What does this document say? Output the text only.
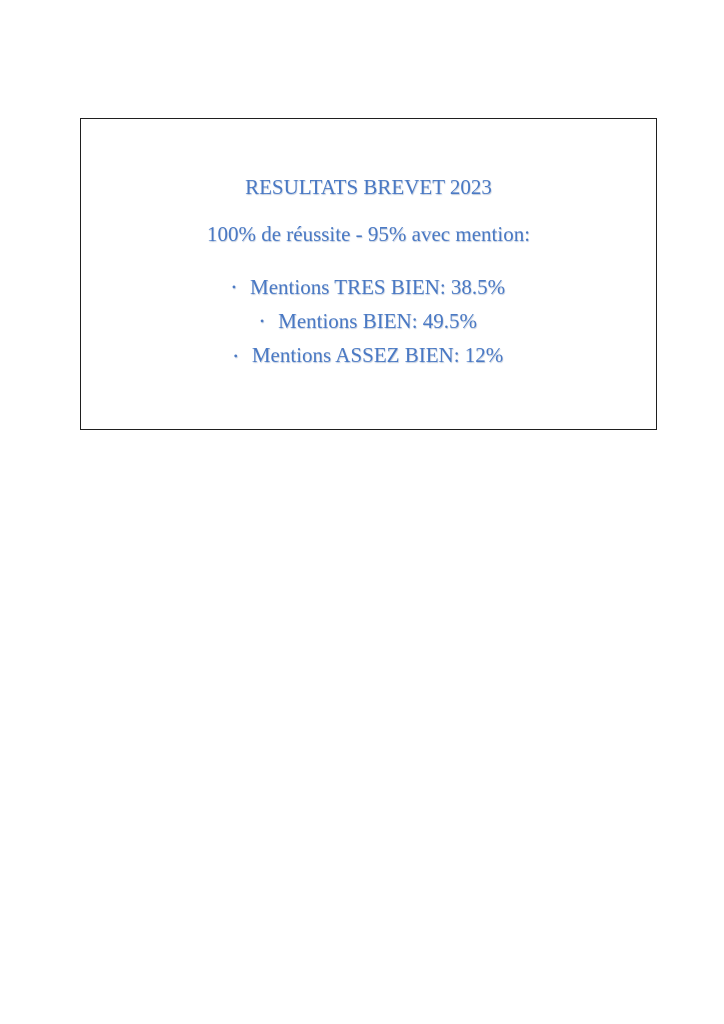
RESULTATS BREVET 2023
100% de réussite - 95% avec mention:
• Mentions TRES BIEN: 38.5%
• Mentions BIEN: 49.5%
• Mentions ASSEZ BIEN: 12%
